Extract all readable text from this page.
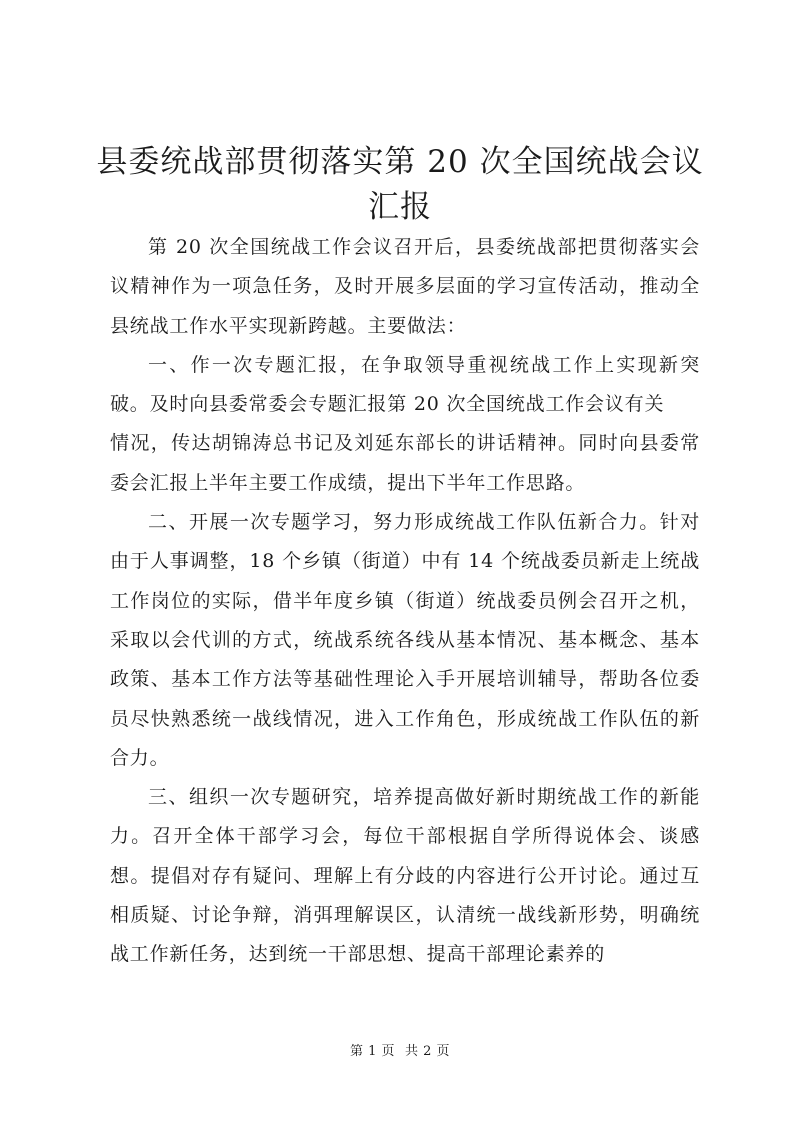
县委统战部贯彻落实第 20 次全国统战会议汇报

第 20 次全国统战工作会议召开后，县委统战部把贯彻落实会议精神作为一项急任务，及时开展多层面的学习宣传活动，推动全县统战工作水平实现新跨越。主要做法：

一、作一次专题汇报，在争取领导重视统战工作上实现新突破。及时向县委常委会专题汇报第 20 次全国统战工作会议有关

情况，传达胡锦涛总书记及刘延东部长的讲话精神。同时向县委常委会汇报上半年主要工作成绩，提出下半年工作思路。

二、开展一次专题学习，努力形成统战工作队伍新合力。针对由于人事调整，18 个乡镇（街道）中有 14 个统战委员新走上统战工作岗位的实际，借半年度乡镇（街道）统战委员例会召开之机，采取以会代训的方式，统战系统各线从基本情况、基本概念、基本政策、基本工作方法等基础性理论入手开展培训辅导，帮助各位委员尽快熟悉统一战线情况，进入工作角色，形成统战工作队伍的新合力。

三、组织一次专题研究，培养提高做好新时期统战工作的新能力。召开全体干部学习会，每位干部根据自学所得说体会、谈感想。提倡对存有疑问、理解上有分歧的内容进行公开讨论。通过互相质疑、讨论争辩，消弭理解误区，认清统一战线新形势，明确统战工作新任务，达到统一干部思想、提高干部理论素养的

第 1 页 共 2 页
